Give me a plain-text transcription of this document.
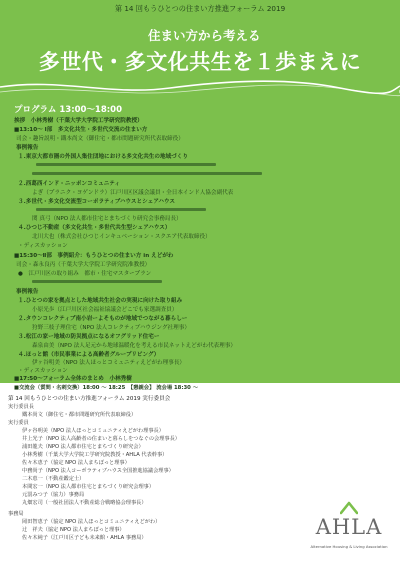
第 14 回もうひとつの住まい方推進フォーラム 2019
住まい方から考える
多世代・多文化共生を１歩まえに
プログラム 13:00〜18:00
挨拶　小林秀樹（千葉大学大学院工学研究院教授）
■13:10〜 Ⅰ部　多文化共生・多世代交流の住まい方
司会・趣旨説明・鐵本尚文（御住宅・都市問題研究所代表取締役）
事例報告
１.東京大都市圏の外国人集住団地における多文化共生の地域づくり
２.西葛西インド・ニッポンコミュニティ
よぎ（プラニク・ヨゲンドラ）江戸川区区議会議員・全日本インド人協会副代表
３.多世代・多文化交流型コーポラティブハウスとシェアハウス
関 真弓（NPO 法人都市住宅とまちづくり研究会事務局長）
４.ひつじ不動産（多文化共生・多世代共生型シェアハウス）
北川大也（株式会社ひつじインキュベーション・スクエア代表取締役）
・ディスカッション
■15:30〜Ⅱ部　事例紹介：もうひとつの住まい方 in えどがわ
司会・森永良丙（千葉大学大学院工学研究院准教授）
●　江戸川区の取り組み　都市・住宅マスタープラン
事例報告
１.ひとつの家を拠点とした地域共生社会の実現に向けた取り組み
小原光歩（江戸川区社会福祉協議会どこでも家選調査員）
２.タウンコレクティブ南小岩ーよそものが地域でつながる暮らしー
狩野三枝子理住宅（NPO 法人コレクティブハウジング社理事）
３.松江の家ー地域の防災拠点になるオフグリッド住宅ー
森泉由美（NPO 法人足元から地球温暖化を考える市民ネットえどがわ代表理事）
４.ほっと館（市民事業による高齢者グループリビング）
伊ヶ谷明美（NPO 法人ほっとコミュニティえどがわ理事長）
・ディスカッション
■17:50〜フォーラム全体のまとめ　小林秀樹
■交流会（質問・名刺交換）18:00 〜 18:25　【懇親会】 流会場 18:30 〜
第 14 回もうひとつの住まい方推進フォーラム 2019 実行委員会
実行委員長
鐵本尚文（御住宅・都市問題研究所代表取締役）
実行委員
伊ヶ谷明美（NPO 法人ほっとコミュニティえどがわ理事長）
井上光子（NPO 法人高齢者の住まいと暮らしをつなぐの会理事長）
浦田龍夫（NPO 法人都市住宅とまちづくり研究会）
小林秀樹（千葉大学大学院工学研究院教授・AHLA 代表幹事）
佐々木恵子（協定 NPO 法人まちぼっと理事）
中務尚子（NPO 法人コーポラティブハウス全国推進協議会理事）
二木恵一（不動産鑑定士）
本間宏一（NPO 法人都市住宅とまちづくり研究会理事）
元罰みつ子（協力）事務局
丸畑宏司（一般社団法人不動産総合戦略協会理事長）
事務局
岡田智恵子（協定 NPO 法人ほっとコミュニティえどがわ）
辻　祥夫（協定 NPO 法人まちぼっと理事）
佐々木純子（江戸川区子ども未来館・AHLA 事務局）	AHLA
Alternative Housing & Living Association
